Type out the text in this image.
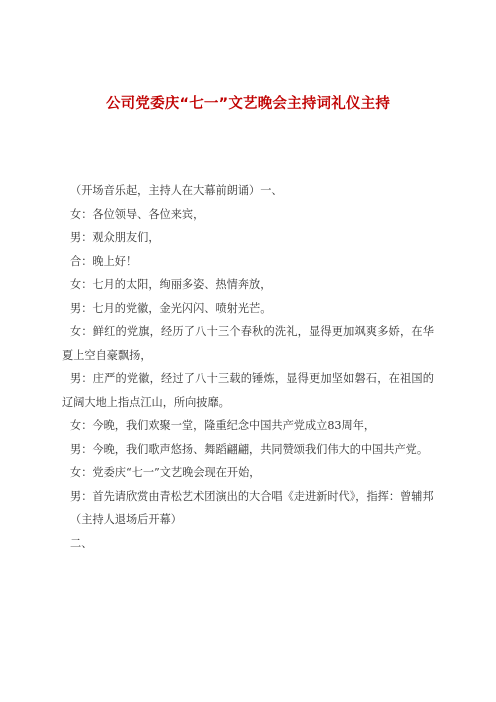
公司党委庆“七一”文艺晚会主持词礼仪主持

（开场音乐起，主持人在大幕前朗诵）一、

女：各位领导、各位来宾，

男：观众朋友们，

合：晚上好！

女：七月的太阳，绚丽多姿、热情奔放，

男：七月的党徽，金光闪闪、喷射光芒。

女：鲜红的党旗，经历了八十三个春秋的洗礼，显得更加飒爽多娇，在华夏上空自豪飘扬，

男：庄严的党徽，经过了八十三载的锤炼，显得更加坚如磐石，在祖国的辽阔大地上指点江山，所向披靡。

女：今晚，我们欢聚一堂，隆重纪念中国共产党成立83周年，

男：今晚，我们歌声悠扬、舞蹈翩翩，共同赞颂我们伟大的中国共产党。

女：党委庆“七一”文艺晚会现在开始，

男：首先请欣赏由青松艺术团演出的大合唱《走进新时代》，指挥：曾辅邦

（主持人退场后开幕）

二、
